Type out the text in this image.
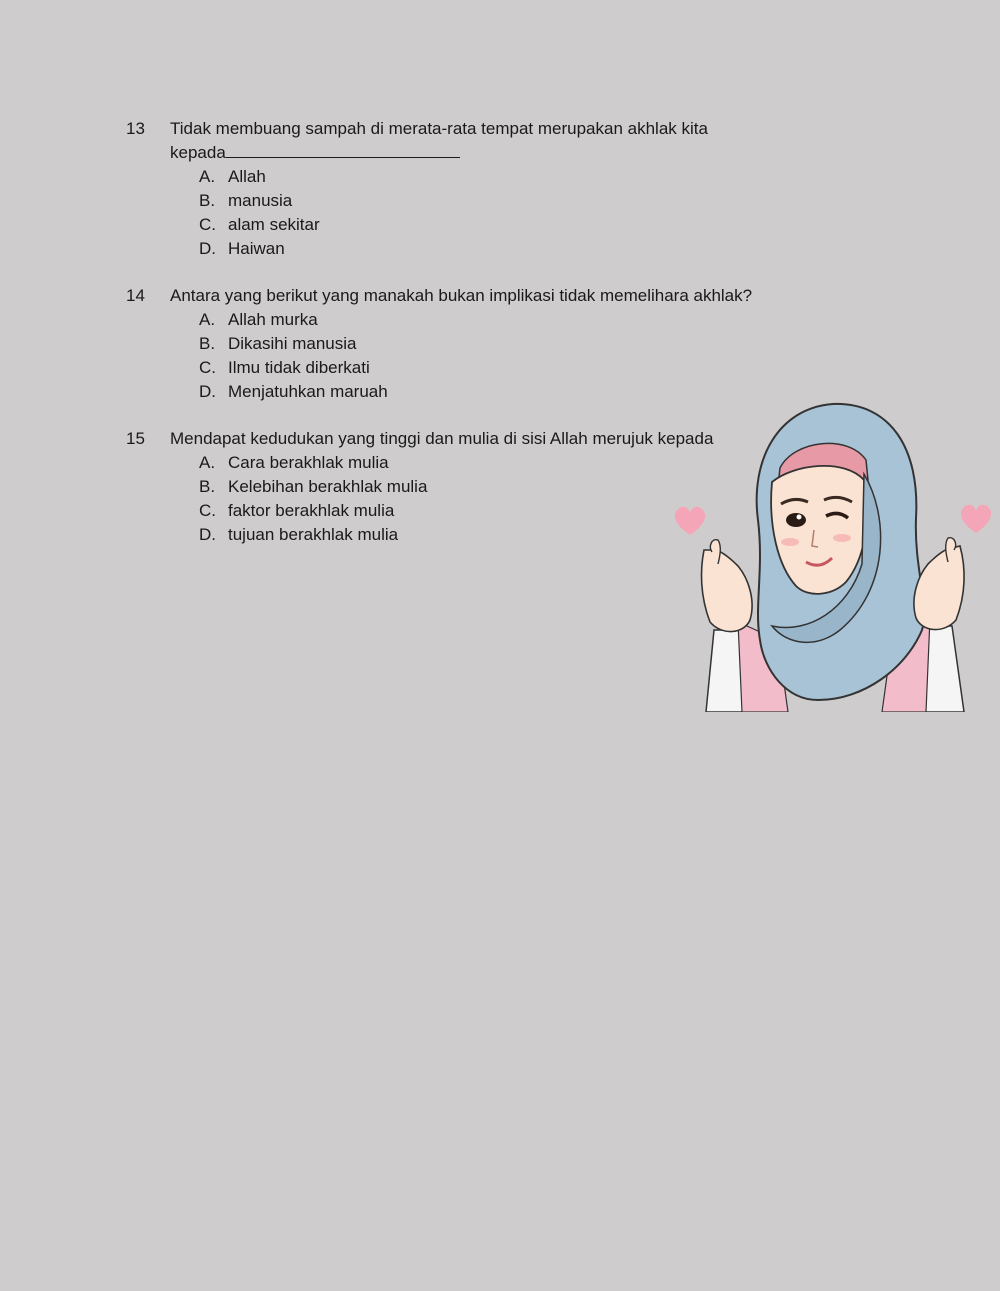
13	Tidak membuang sampah di merata-rata tempat merupakan akhlak kita
kepada
A. Allah
B. manusia
C. alam sekitar
D. Haiwan
14	Antara yang berikut yang manakah bukan implikasi tidak memelihara akhlak?
A. Allah murka
B. Dikasihi manusia
C. Ilmu tidak diberkati
D. Menjatuhkan maruah
15	Mendapat kedudukan yang tinggi dan mulia di sisi Allah merujuk kepada
A. Cara berakhlak mulia
B. Kelebihan berakhlak mulia
C. faktor berakhlak mulia
D. tujuan berakhlak mulia
